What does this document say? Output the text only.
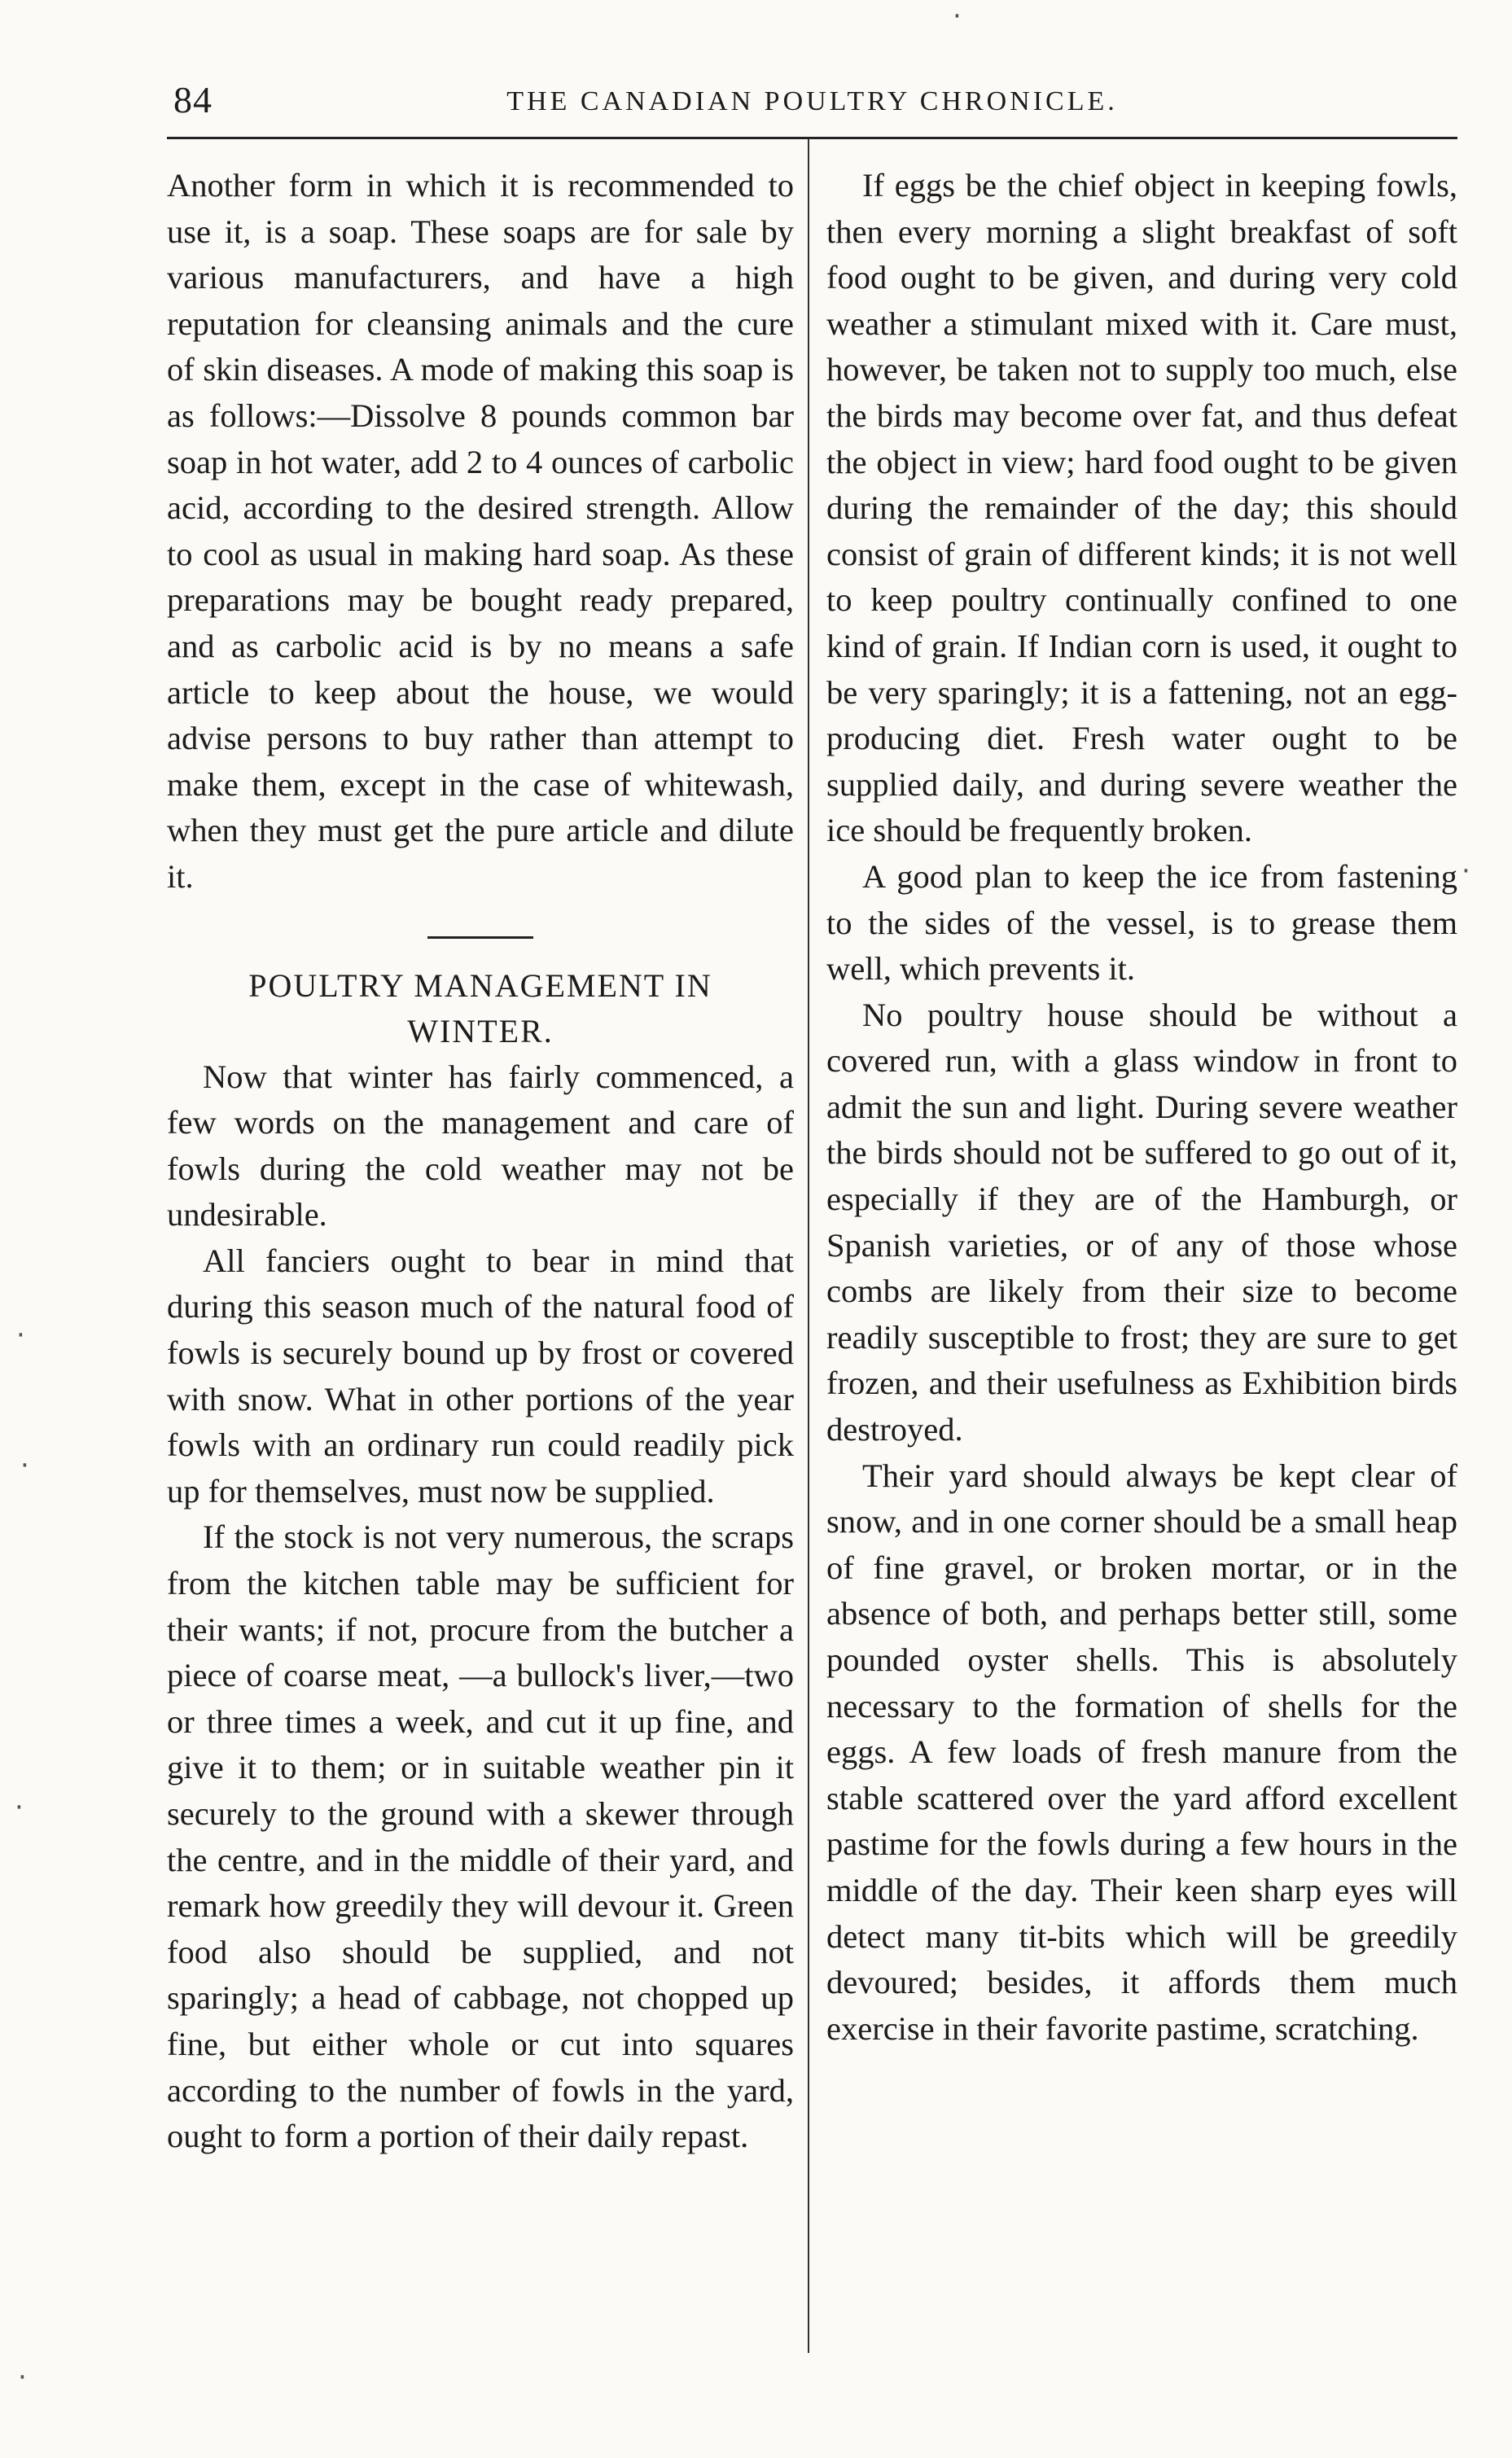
84	THE CANADIAN POULTRY CHRONICLE.

Another form in which it is recommended to use it, is a soap. These soaps are for sale by various manufacturers, and have a high reputation for cleansing animals and the cure of skin diseases. A mode of making this soap is as follows:—Dissolve 8 pounds common bar soap in hot water, add 2 to 4 ounces of carbolic acid, according to the desired strength. Allow to cool as usual in making hard soap. As these preparations may be bought ready prepared, and as carbolic acid is by no means a safe article to keep about the house, we would advise persons to buy rather than attempt to make them, except in the case of whitewash, when they must get the pure article and dilute it.

POULTRY MANAGEMENT IN
WINTER.

Now that winter has fairly commenced, a few words on the management and care of fowls during the cold weather may not be undesirable.

All fanciers ought to bear in mind that during this season much of the natural food of fowls is securely bound up by frost or covered with snow. What in other portions of the year fowls with an ordinary run could readily pick up for themselves, must now be supplied.

If the stock is not very numerous, the scraps from the kitchen table may be sufficient for their wants; if not, procure from the butcher a piece of coarse meat, —a bullock's liver,—two or three times a week, and cut it up fine, and give it to them; or in suitable weather pin it securely to the ground with a skewer through the centre, and in the middle of their yard, and remark how greedily they will devour it. Green food also should be supplied, and not sparingly; a head of cabbage, not chopped up fine, but either whole or cut into squares according to the number of fowls in the yard, ought to form a portion of their daily repast.

If eggs be the chief object in keeping fowls, then every morning a slight breakfast of soft food ought to be given, and during very cold weather a stimulant mixed with it. Care must, however, be taken not to supply too much, else the birds may become over fat, and thus defeat the object in view; hard food ought to be given during the remainder of the day; this should consist of grain of different kinds; it is not well to keep poultry continually confined to one kind of grain. If Indian corn is used, it ought to be very sparingly; it is a fattening, not an egg-producing diet. Fresh water ought to be supplied daily, and during severe weather the ice should be frequently broken.

A good plan to keep the ice from fastening to the sides of the vessel, is to grease them well, which prevents it.

No poultry house should be without a covered run, with a glass window in front to admit the sun and light. During severe weather the birds should not be suffered to go out of it, especially if they are of the Hamburgh, or Spanish varieties, or of any of those whose combs are likely from their size to become readily susceptible to frost; they are sure to get frozen, and their usefulness as Exhibition birds destroyed.

Their yard should always be kept clear of snow, and in one corner should be a small heap of fine gravel, or broken mortar, or in the absence of both, and perhaps better still, some pounded oyster shells. This is absolutely necessary to the formation of shells for the eggs. A few loads of fresh manure from the stable scattered over the yard afford excellent pastime for the fowls during a few hours in the middle of the day. Their keen sharp eyes will detect many tit-bits which will be greedily devoured; besides, it affords them much exercise in their favorite pastime, scratching.

·
·
·
·
·
·
